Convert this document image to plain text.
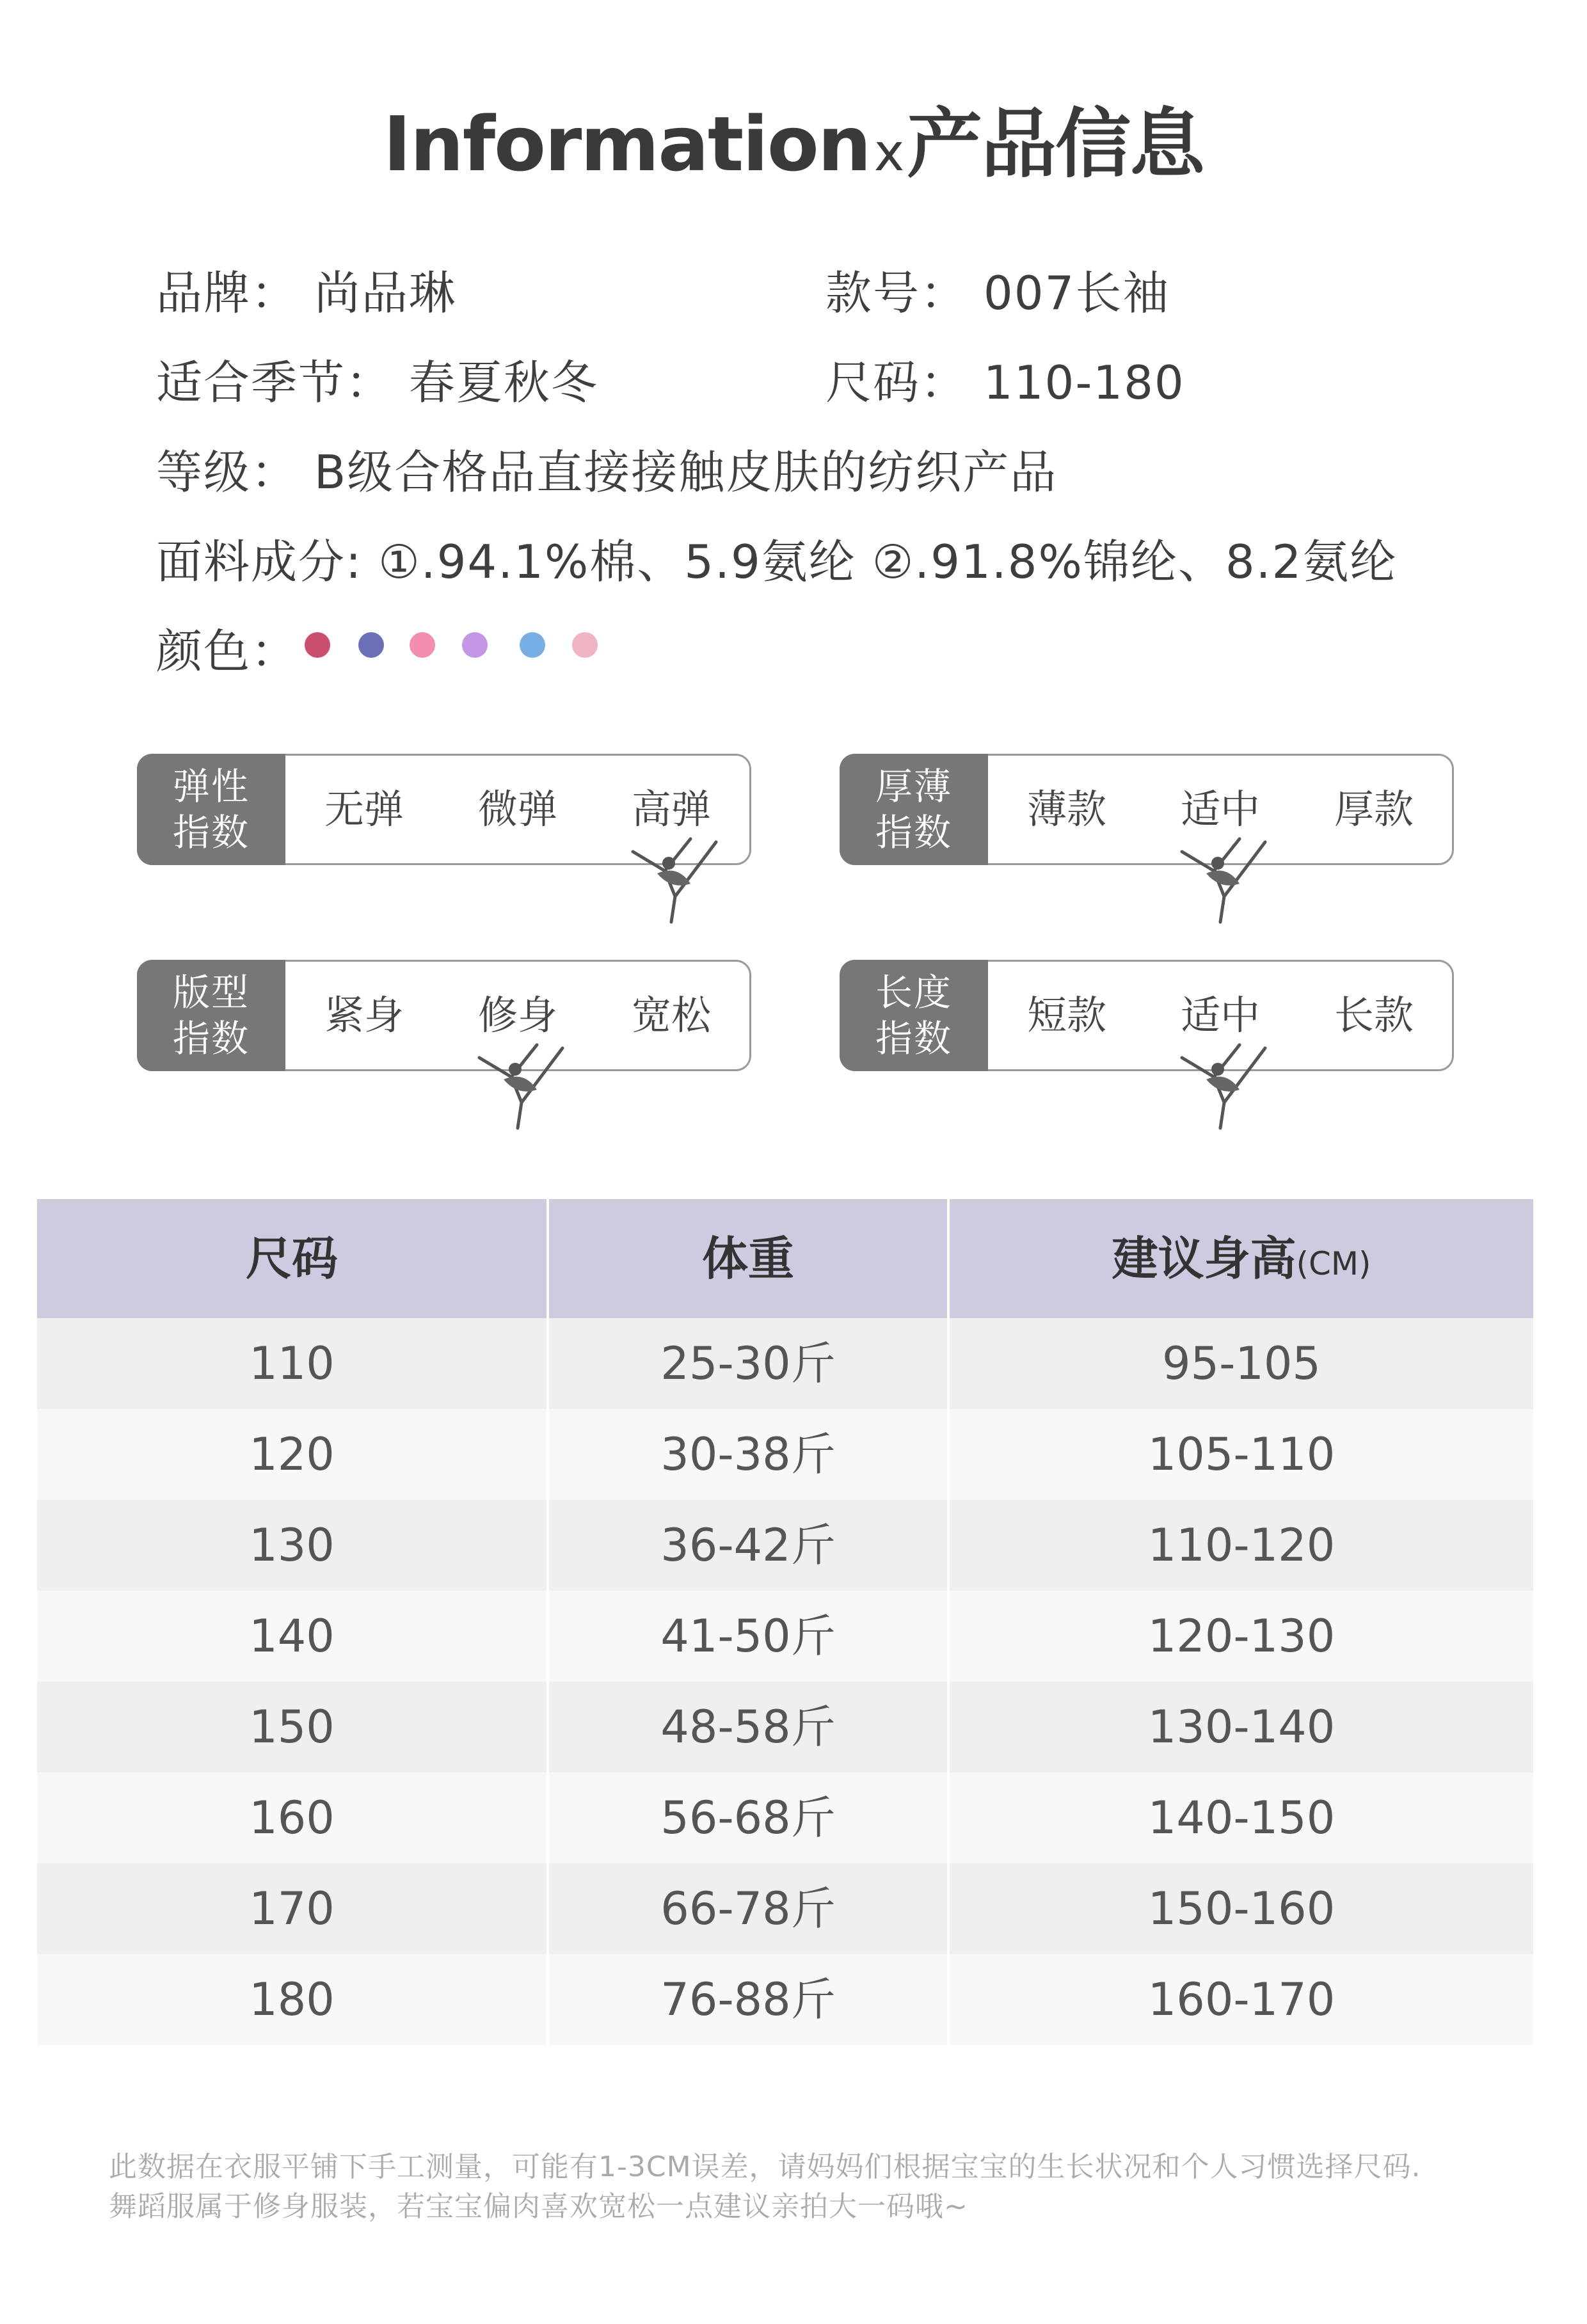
Informationx产品信息
品牌： 尚品琳	款号： 007长袖
适合季节： 春夏秋冬	尺码： 110-180
等级： B级合格品直接接触皮肤的纺织产品
面料成分: ①.94.1%棉、5.9氨纶 ②.91.8%锦纶、8.2氨纶
颜色：
弹性
指数	无弹	微弹	高弹	厚薄
指数	薄款	适中	厚款
版型
指数	紧身	修身	宽松	长度
指数	短款	适中	长款
尺码	体重	建议身高(CM)
110	25-30斤	95-105
120	30-38斤	105-110
130	36-42斤	110-120
140	41-50斤	120-130
150	48-58斤	130-140
160	56-68斤	140-150
170	66-78斤	150-160
180	76-88斤	160-170
此数据在衣服平铺下手工测量，可能有1-3CM误差，请妈妈们根据宝宝的生长状况和个人习惯选择尺码.
舞蹈服属于修身服装，若宝宝偏肉喜欢宽松一点建议亲拍大一码哦~
